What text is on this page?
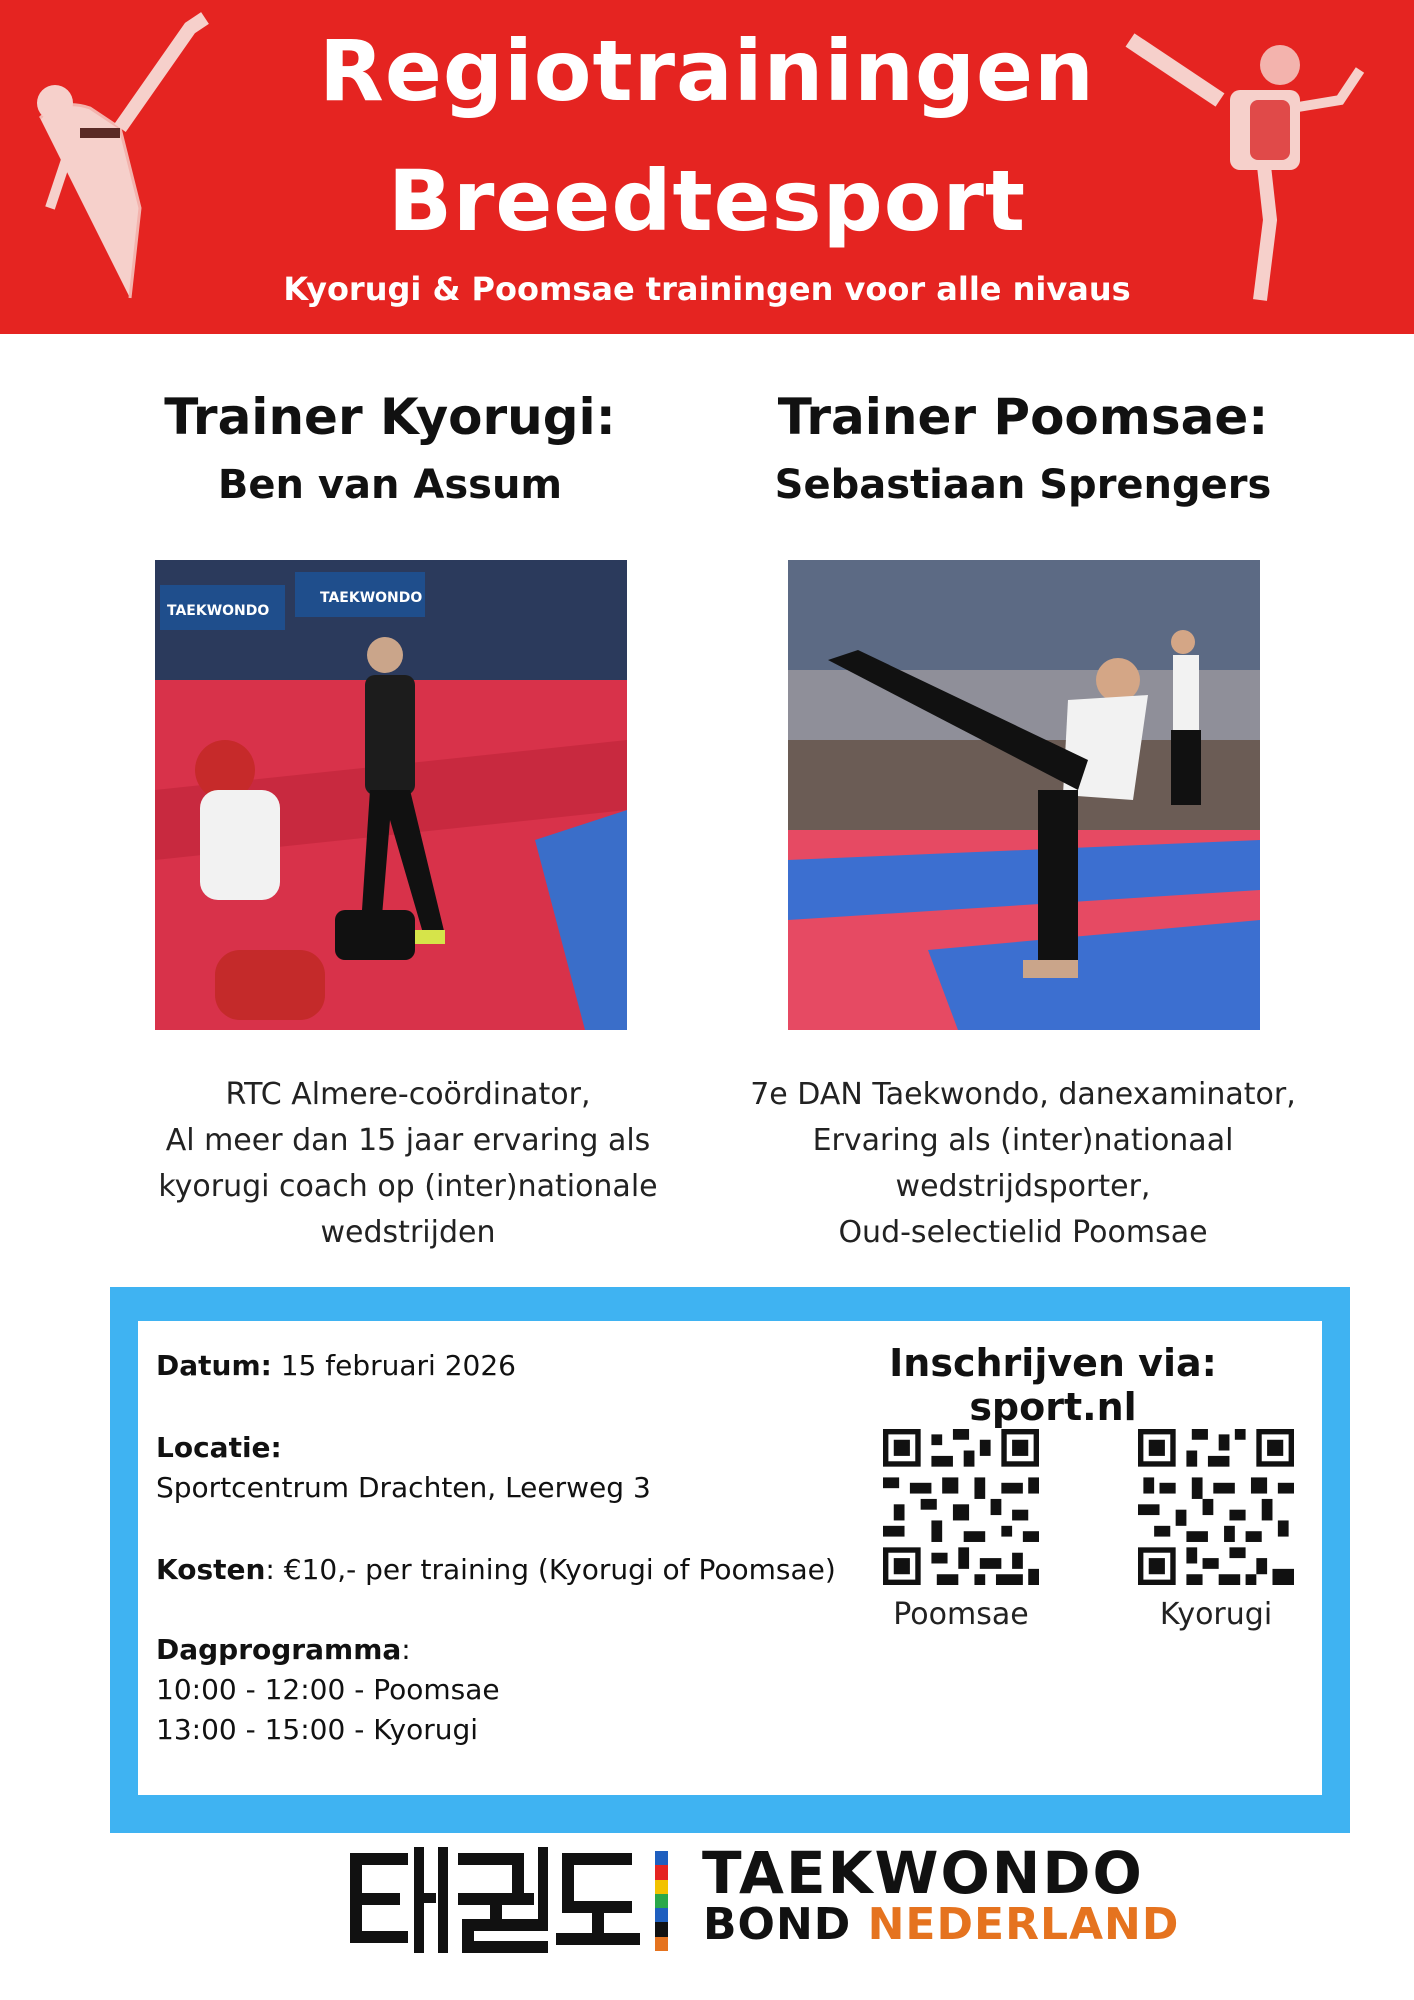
Regiotrainingen
Breedtesport
Kyorugi & Poomsae trainingen voor alle nivaus
Trainer Kyorugi:
Ben van Assum
TAEKWONDO
TAEKWONDO
RTC Almere-coördinator,
Al meer dan 15 jaar ervaring als
kyorugi coach op (inter)nationale
wedstrijden
Trainer Poomsae:
Sebastiaan Sprengers
7e DAN Taekwondo, danexaminator,
Ervaring als (inter)nationaal
wedstrijdsporter,
Oud-selectielid Poomsae
Datum: 15 februari 2026
Locatie:
Sportcentrum Drachten, Leerweg 3
Kosten: €10,- per training (Kyorugi of Poomsae)
Dagprogramma:
10:00 - 12:00 - Poomsae
13:00 - 15:00 - Kyorugi
Inschrijven via: sport.nl
Poomsae	Kyorugi
TAEKWONDO
BOND NEDERLAND
